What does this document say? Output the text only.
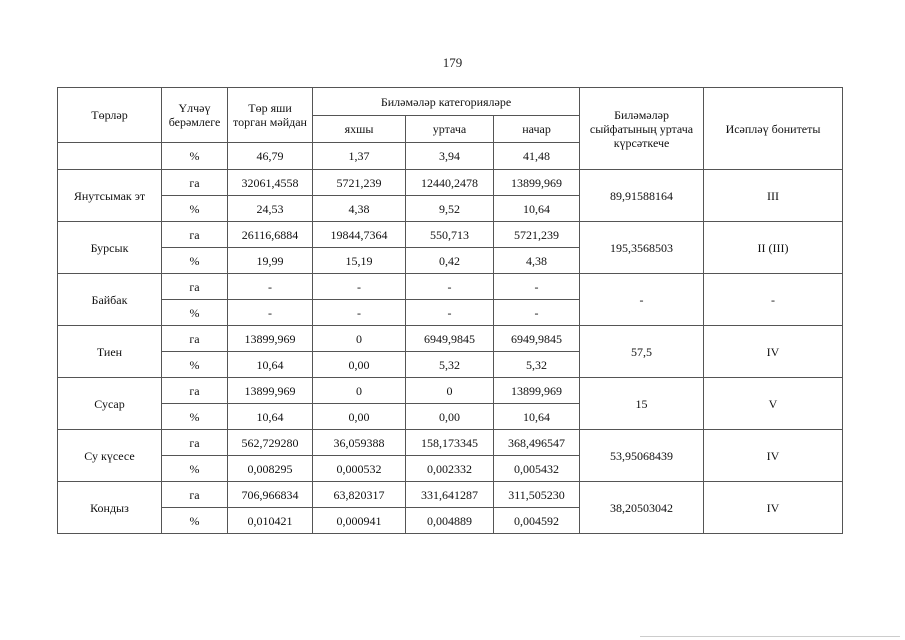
179
Төрләр	Үлчәү берәмлеге	Төр яши торган мәйдан	Биләмәләр категорияләре			Биләмәләр сыйфатының уртача күрсәткече	Исәпләү бонитеты
			яхшы	уртача	начар		
	%	46,79	1,37	3,94	41,48		
Янутсымак эт	га	32061,4558	5721,239	12440,2478	13899,969	89,91588164	III
	%	24,53	4,38	9,52	10,64		
Бурсык	га	26116,6884	19844,7364	550,713	5721,239	195,3568503	II (III)
	%	19,99	15,19	0,42	4,38		
Байбак	га	-	-	-	-	-	-
	%	-	-	-	-		
Тиен	га	13899,969	0	6949,9845	6949,9845	57,5	IV
	%	10,64	0,00	5,32	5,32		
Сусар	га	13899,969	0	0	13899,969	15	V
	%	10,64	0,00	0,00	10,64		
Су күсесе	га	562,729280	36,059388	158,173345	368,496547	53,95068439	IV
	%	0,008295	0,000532	0,002332	0,005432		
Кондыз	га	706,966834	63,820317	331,641287	311,505230	38,20503042	IV
	%	0,010421	0,000941	0,004889	0,004592		
